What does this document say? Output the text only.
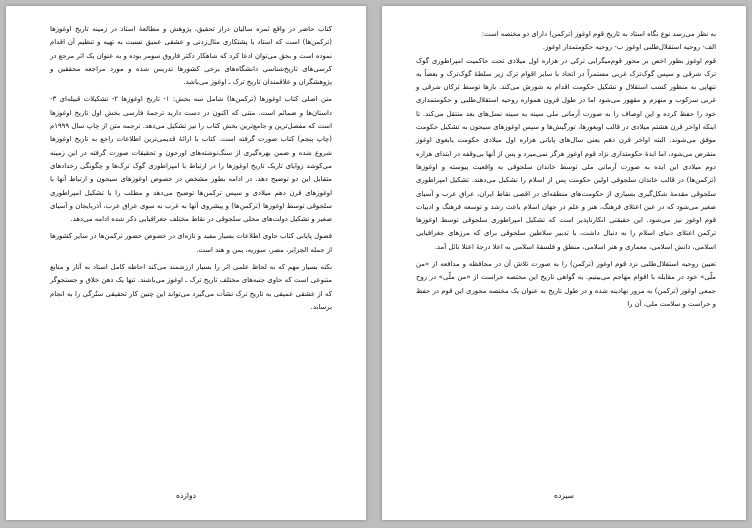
کتاب حاضر در واقع ثمره سالیان دراز تحقیق، پژوهش و مطالعهٔ استاد در زمینه تاریخ اوغوزها (ترکمن‌ها) است که استاد با پشتکاری مثال‌زدنی و عشقی عمیق نسبت به تهیه و تنظیم آن اقدام نموده است و بحق می‌توان ادعا کرد که شاهکار دکتر فاروق سومر بوده و به عنوان یک اثر مرجع در کرسی‌های تاریخ‌شناسی دانشگاه‌های برخی کشورها تدریس شده و مورد مراجعه محققین و پژوهشگران و علاقمندان تاریخ ترک ـ اوغوز می‌باشد.

متن اصلی کتاب اوغوزها (ترکمن‌ها) شامل سه بخش: ۱- تاریخ اوغوزها ۲- تشکیلات قبیله‌ای ۳- داستان‌ها و ضمائم است. متنی که اکنون در دست دارید ترجمهٔ فارسی بخش اول تاریخ اوغوزها است که مفصل‌ترین و جامع‌ترین بخش کتاب را نیز تشکیل می‌دهد. ترجمه متن از چاپ سال ۱۹۹۹م (چاپ پنجم) کتاب صورت گرفته است. کتاب با ارائهٔ قدیمی‌ترین اطلاعات راجع به تاریخ اوغوزها شروع شده و ضمن بهره‌گیری از سنگ‌نوشته‌های اورخون و تحقیقات صورت گرفته در این زمینه می‌کوشد زوایای تاریک تاریخ اوغوزها را در ارتباط با امپراطوری گوک ترک‌ها و چگونگی رخدادهای متقابل این دو توضیح دهد. در ادامه بطور مشخص در خصوص اوغوزهای سیحون و ارتباط آنها با اوغوزهای قرن دهم میلادی و سپس ترکمن‌ها توضیح می‌دهد و مطلب را با تشکیل امپراطوری سلجوقی توسط اوغوزها (ترکمن‌ها) و پیشروی آنها به غرب به سوی عراق عرب، آذربایجان و آسیای صغیر و تشکیل دولت‌های محلی سلجوقی در نقاط مختلف جغرافیایی ذکر شده ادامه می‌دهد.

فصول پایانی کتاب حاوی اطلاعات بسیار مفید و تازه‌ای در خصوص حضور ترکمن‌ها در سایر کشورها از جمله الجزایر، مصر، سوریه، یمن و هند است.

نکته بسیار مهم که به لحاظ علمی اثر را بسیار ارزشمند می‌کند احاطه کامل استاد به آثار و منابع متنوعی است که حاوی جنبه‌های مختلف تاریخ ترک ـ اوغوز می‌باشند. تنها یک ذهن خلاق و جستجوگر که از عشقی عمیقی به تاریخ ترک نشأت می‌گیرد می‌تواند این چنین کار تحقیقی ستُرگی را به انجام برساند.

دوازده

به نظر می‌رسد نوع نگاه استاد به تاریخ قوم اوغوز (ترکمن) دارای دو مختصه است:

الف- روحیه استقلال‌طلبی اوغوز ب- روحیه حکومتمدار اوغوز.

قوم اوغوز بطور اخص بر محور قوم‌میگرایی ترکی در هزاره اول میلادی تحت حاکمیت امپراطوری گوک ترک شرقی و سپس گوک‌ترک غربی مستمراً در اتحاد با سایر اقوام ترک زیر سلطهٔ گوک‌ترک و بعضاً به تنهایی به منظور کسب استقلال و تشکیل حکومت اقدام به شورش می‌کند. بارها توسط ترکان شرقی و غربی سرکوب و منهزم و مقهور می‌شود اما در طول قرون همواره روحیه استقلال‌طلبی و حکومتمداری خود را حفظ کرده و این اوصاف را به صورت آرمانی ملی سینه به سینه نسل‌های بعد منتقل می‌کند. تا اینکه اواخر قرن هشتم میلادی در قالب اویغورها، تورگیش‌ها و سپس اوغوزهای سیحون به تشکیل حکومت موفق می‌شوند. البته اواخر قرن دهم یعنی سال‌های پایانی هزاره اول میلادی حکومت یابغوی اوغوز منقرض می‌شود، اما ایدهٔ حکومتداری نژاد قوم اوغوز هرگز نمی‌میرد و پس از آنها بی‌وقفه در ابتدای هزاره دوم میلادی این ایده به صورت آرمانی ملی توسط خاندان سلجوقی به واقعیت پیوسته و اوغوزها (ترکمن‌ها) در قالب خاندان سلجوقی اولین حکومت پس از اسلام را تشکیل می‌دهند. تشکیل امپراطوری سلجوقی مقدمهٔ شکل‌گیری بسیاری از حکومت‌های منطقه‌ای در اقصی نقاط ایران، عراق عرب و آسیای صغیر می‌شود که در عین اعتلای فرهنگ، هنر و علم در جهان اسلام باعث رشد و توسعه فرهنگ و ادبیات قوم اوغوز نیز می‌شود. این حقیقتی انکارناپذیر است که تشکیل امپراطوری سلجوقی توسط اوغوزها ترکمن اعتلای دنیای اسلام را به دنبال داشت، با تدبیر سلاطین سلجوقی برای که مرزهای جغرافیایی اسلامی، دانش اسلامی، معماری و هنر اسلامی، منطق و فلسفهٔ اسلامی به اعلا درجهٔ اعتلا نائل آمد.

تعیین روحیه استقلال‌طلبی نزد قوم اوغوز (ترکمن) را به صورت تلاش آن در محافظه و مدافعه از «من ملّی» خود در مقابله با اقوام مهاجم می‌بینیم. به گواهی تاریخ این مختصه حراست از «من ملّی» در روح جمعی اوغوز (ترکمن) به مرور نهادینه شده و در طول تاریخ به عنوان یک مختصه محوری این قوم در حفظ و حراست و سلامت ملی، آن را

سیزده
